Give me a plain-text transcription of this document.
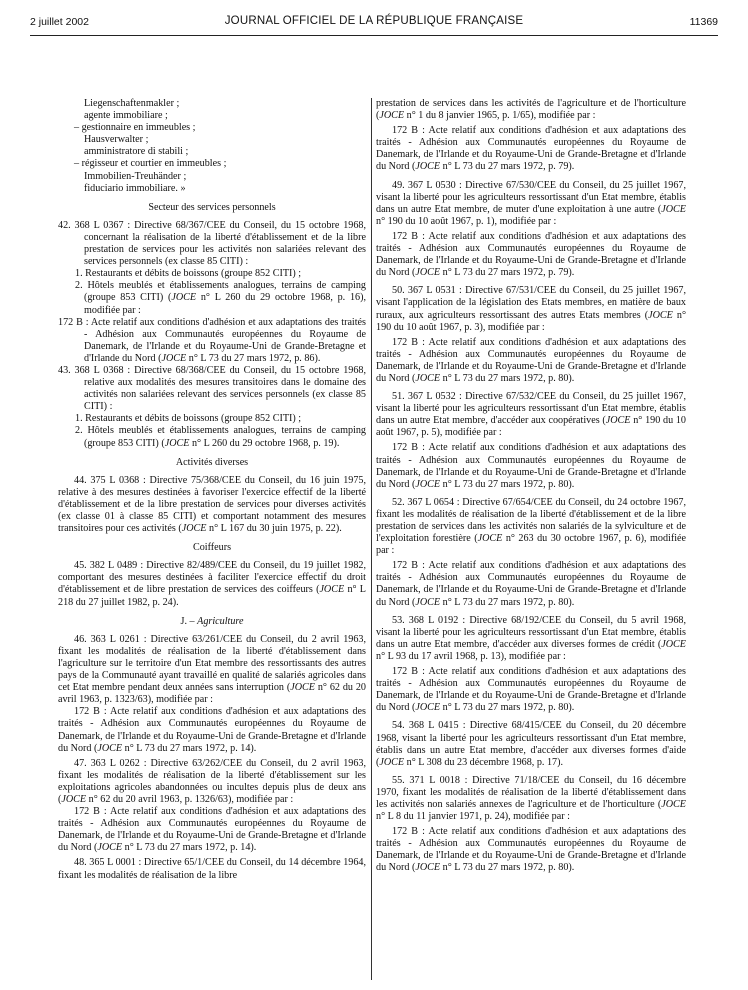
2 juillet 2002	JOURNAL OFFICIEL DE LA RÉPUBLIQUE FRANÇAISE	11369

Liegenschaftenmakler ;

agente immobiliare ;

– gestionnaire en immeubles ;

Hausverwalter ;

amministratore di stabili ;

– régisseur et courtier en immeubles ;

Immobilien-Treuhänder ;

fiduciario immobiliare. »

Secteur des services personnels

42. 368 L 0367 : Directive 68/367/CEE du Conseil, du 15 octobre 1968, concernant la réalisation de la liberté d'établissement et de la libre prestation de services pour les activités non salariées relevant des services personnels (ex classe 85 CITI) :

1. Restaurants et débits de boissons (groupe 852 CITI) ;

2. Hôtels meublés et établissements analogues, terrains de camping (groupe 853 CITI) (JOCE n° L 260 du 29 octobre 1968, p. 16), modifiée par :

172 B : Acte relatif aux conditions d'adhésion et aux adaptations des traités - Adhésion aux Communautés européennes du Royaume de Danemark, de l'Irlande et du Royaume-Uni de Grande-Bretagne et d'Irlande du Nord (JOCE n° L 73 du 27 mars 1972, p. 86).

43. 368 L 0368 : Directive 68/368/CEE du Conseil, du 15 octobre 1968, relative aux modalités des mesures transitoires dans le domaine des activités non salariées relevant des services personnels (ex classe 85 CITI) :

1. Restaurants et débits de boissons (groupe 852 CITI) ;

2. Hôtels meublés et établissements analogues, terrains de camping (groupe 853 CITI) (JOCE n° L 260 du 29 octobre 1968, p. 19).

Activités diverses

44. 375 L 0368 : Directive 75/368/CEE du Conseil, du 16 juin 1975, relative à des mesures destinées à favoriser l'exercice effectif de la liberté d'établissement et de la libre prestation de services pour diverses activités (ex classe 01 à classe 85 CITI) et comportant notamment des mesures transitoires pour ces activités (JOCE n° L 167 du 30 juin 1975, p. 22).

Coiffeurs

45. 382 L 0489 : Directive 82/489/CEE du Conseil, du 19 juillet 1982, comportant des mesures destinées à faciliter l'exercice effectif du droit d'établissement et de libre prestation de services des coiffeurs (JOCE n° L 218 du 27 juillet 1982, p. 24).

J. – Agriculture

46. 363 L 0261 : Directive 63/261/CEE du Conseil, du 2 avril 1963, fixant les modalités de réalisation de la liberté d'établissement dans l'agriculture sur le territoire d'un Etat membre des ressortissants des autres pays de la Communauté ayant travaillé en qualité de salariés agricoles dans cet Etat membre pendant deux années sans interruption (JOCE n° 62 du 20 avril 1963, p. 1323/63), modifiée par :

172 B : Acte relatif aux conditions d'adhésion et aux adaptations des traités - Adhésion aux Communautés européennes du Royaume de Danemark, de l'Irlande et du Royaume-Uni de Grande-Bretagne et d'Irlande du Nord (JOCE n° L 73 du 27 mars 1972, p. 14).

47. 363 L 0262 : Directive 63/262/CEE du Conseil, du 2 avril 1963, fixant les modalités de réalisation de la liberté d'établissement sur les exploitations agricoles abandonnées ou incultes depuis plus de deux ans (JOCE n° 62 du 20 avril 1963, p. 1326/63), modifiée par :

172 B : Acte relatif aux conditions d'adhésion et aux adaptations des traités - Adhésion aux Communautés européennes du Royaume de Danemark, de l'Irlande et du Royaume-Uni de Grande-Bretagne et d'Irlande du Nord (JOCE n° L 73 du 27 mars 1972, p. 14).

48. 365 L 0001 : Directive 65/1/CEE du Conseil, du 14 décembre 1964, fixant les modalités de réalisation de la libre

prestation de services dans les activités de l'agriculture et de l'horticulture (JOCE n° 1 du 8 janvier 1965, p. 1/65), modifiée par :

172 B : Acte relatif aux conditions d'adhésion et aux adaptations des traités - Adhésion aux Communautés européennes du Royaume de Danemark, de l'Irlande et du Royaume-Uni de Grande-Bretagne et d'Irlande du Nord (JOCE n° L 73 du 27 mars 1972, p. 79).

49. 367 L 0530 : Directive 67/530/CEE du Conseil, du 25 juillet 1967, visant la liberté pour les agriculteurs ressortissant d'un Etat membre, établis dans un autre Etat membre, de muter d'une exploitation à une autre (JOCE n° 190 du 10 août 1967, p. 1), modifiée par :

172 B : Acte relatif aux conditions d'adhésion et aux adaptations des traités - Adhésion aux Communautés européennes du Royaume de Danemark, de l'Irlande et du Royaume-Uni de Grande-Bretagne et d'Irlande du Nord (JOCE n° L 73 du 27 mars 1972, p. 79).

50. 367 L 0531 : Directive 67/531/CEE du Conseil, du 25 juillet 1967, visant l'application de la législation des Etats membres, en matière de baux ruraux, aux agriculteurs ressortissant des autres Etats membres (JOCE n° 190 du 10 août 1967, p. 3), modifiée par :

172 B : Acte relatif aux conditions d'adhésion et aux adaptations des traités - Adhésion aux Communautés européennes du Royaume de Danemark, de l'Irlande et du Royaume-Uni de Grande-Bretagne et d'Irlande du Nord (JOCE n° L 73 du 27 mars 1972, p. 80).

51. 367 L 0532 : Directive 67/532/CEE du Conseil, du 25 juillet 1967, visant la liberté pour les agriculteurs ressortissant d'un Etat membre, établis dans un autre Etat membre, d'accéder aux coopératives (JOCE n° 190 du 10 août 1967, p. 5), modifiée par :

172 B : Acte relatif aux conditions d'adhésion et aux adaptations des traités - Adhésion aux Communautés européennes du Royaume de Danemark, de l'Irlande et du Royaume-Uni de Grande-Bretagne et d'Irlande du Nord (JOCE n° L 73 du 27 mars 1972, p. 80).

52. 367 L 0654 : Directive 67/654/CEE du Conseil, du 24 octobre 1967, fixant les modalités de réalisation de la liberté d'établissement et de la libre prestation de services dans les activités non salariés de la sylviculture et de l'exploitation forestière (JOCE n° 263 du 30 octobre 1967, p. 6), modifiée par :

172 B : Acte relatif aux conditions d'adhésion et aux adaptations des traités - Adhésion aux Communautés européennes du Royaume de Danemark, de l'Irlande et du Royaume-Uni de Grande-Bretagne et d'Irlande du Nord (JOCE n° L 73 du 27 mars 1972, p. 80).

53. 368 L 0192 : Directive 68/192/CEE du Conseil, du 5 avril 1968, visant la liberté pour les agriculteurs ressortissant d'un Etat membre, établis dans un autre Etat membre, d'accéder aux diverses formes de crédit (JOCE n° L 93 du 17 avril 1968, p. 13), modifiée par :

172 B : Acte relatif aux conditions d'adhésion et aux adaptations des traités - Adhésion aux Communautés européennes du Royaume de Danemark, de l'Irlande et du Royaume-Uni de Grande-Bretagne et d'Irlande du Nord (JOCE n° L 73 du 27 mars 1972, p. 80).

54. 368 L 0415 : Directive 68/415/CEE du Conseil, du 20 décembre 1968, visant la liberté pour les agriculteurs ressortissant d'un Etat membre, établis dans un autre Etat membre, d'accéder aux diverses formes d'aide (JOCE n° L 308 du 23 décembre 1968, p. 17).

55. 371 L 0018 : Directive 71/18/CEE du Conseil, du 16 décembre 1970, fixant les modalités de réalisation de la liberté d'établissement dans les activités non salariés annexes de l'agriculture et de l'horticulture (JOCE n° L 8 du 11 janvier 1971, p. 24), modifiée par :

172 B : Acte relatif aux conditions d'adhésion et aux adaptations des traités - Adhésion aux Communautés européennes du Royaume de Danemark, de l'Irlande et du Royaume-Uni de Grande-Bretagne et d'Irlande du Nord (JOCE n° L 73 du 27 mars 1972, p. 80).
